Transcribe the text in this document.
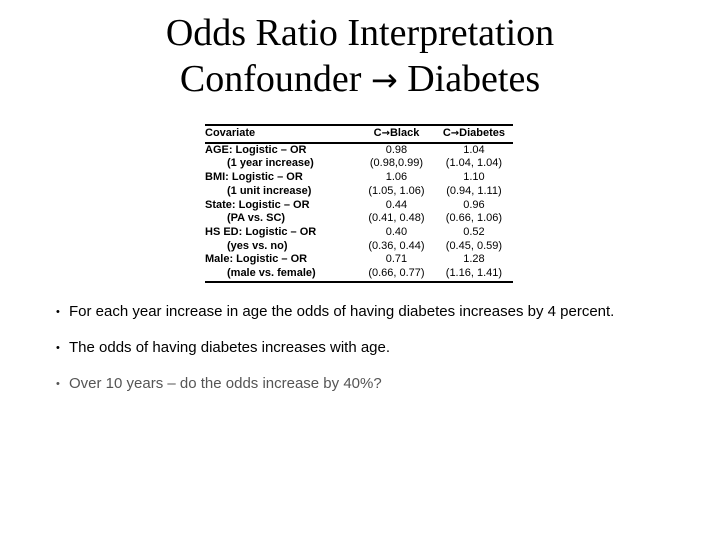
Odds Ratio Interpretation
Confounder → Diabetes
Covariate	C→Black	C→Diabetes
AGE: Logistic – OR	0.98	1.04
(1 year increase)	(0.98,0.99)	(1.04, 1.04)
BMI: Logistic – OR	1.06	1.10
(1 unit increase)	(1.05, 1.06)	(0.94, 1.11)
State: Logistic – OR	0.44	0.96
(PA vs. SC)	(0.41, 0.48)	(0.66, 1.06)
HS ED: Logistic – OR	0.40	0.52
(yes vs. no)	(0.36, 0.44)	(0.45, 0.59)
Male: Logistic – OR	0.71	1.28
(male vs. female)	(0.66, 0.77)	(1.16, 1.41)
• For each year increase in age the odds of having diabetes increases by 4 percent.
• The odds of having diabetes increases with age.
• Over 10 years – do the odds increase by 40%?
